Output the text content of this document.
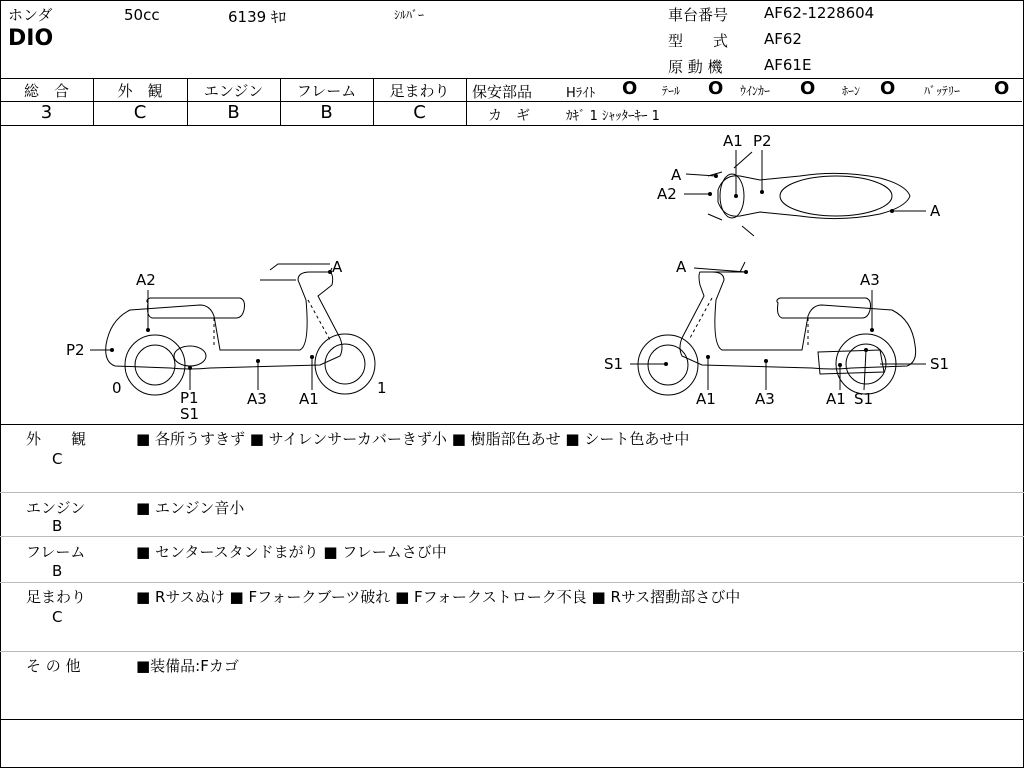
ホンダ
DIO
50cc	6139 ｷﾛ	ｼﾙﾊﾞｰ	車台番号 AF62-1228604
型　　式 AF62
原 動 機	AF61E
総　合	外　観	エンジン	フレーム	足まわり
3	C	B	B	C
保安部品	Hﾗｲﾄ O ﾃｰﾙ O ｳｲﾝｶｰ O ﾎｰﾝ O ﾊﾞｯﾃﾘｰ O
カ　ギ	ｶｷﾞ 1 ｼｬｯﾀｰｷｰ 1
A
A2
P2
0
P1
S1
A3 A1
1
A
A3
S1	S1
A1	A3	A1 S1
A1 P2
A
A2
A
外　　観
C
■ 各所うすきず ■ サイレンサーカバーきず小 ■ 樹脂部色あせ ■ シート色あせ中
エンジン
B
■ エンジン音小
フレーム
B
■ センタースタンドまがり ■ フレームさび中
足まわり
C
■ Rサスぬけ ■ Fフォークブーツ破れ ■ Fフォークストローク不良 ■ Rサス摺動部さび中
そ の 他	■装備品:Fカゴ
